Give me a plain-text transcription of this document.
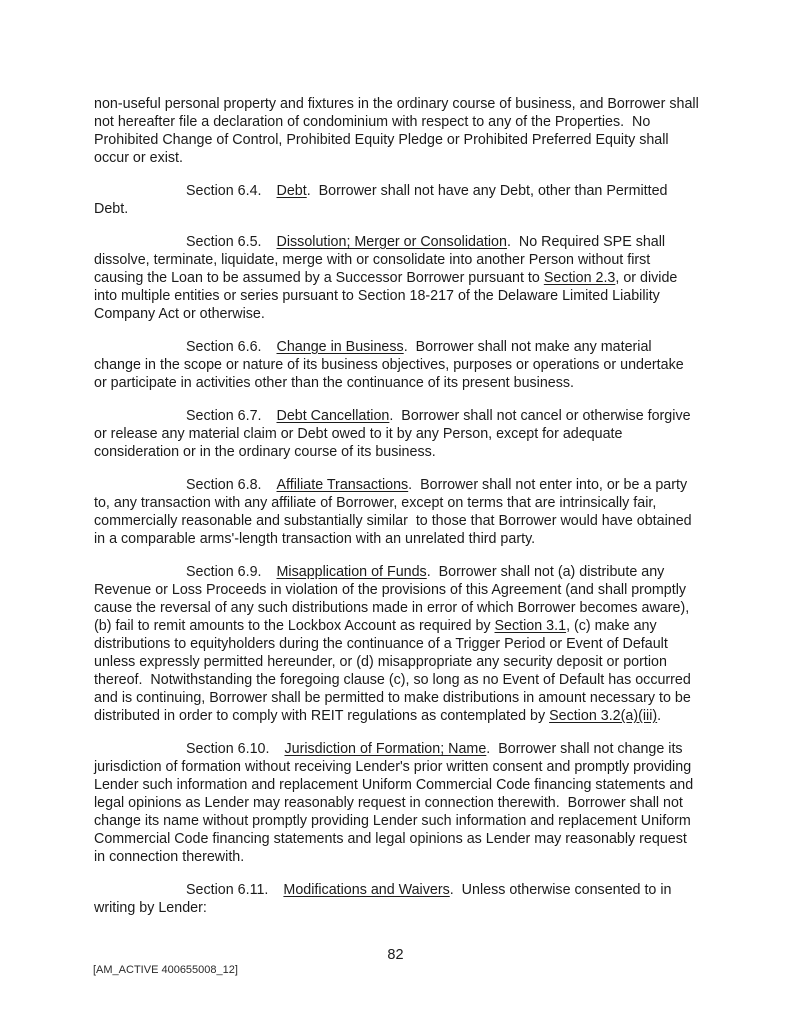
non-useful personal property and fixtures in the ordinary course of business, and Borrower shall not hereafter file a declaration of condominium with respect to any of the Properties.  No Prohibited Change of Control, Prohibited Equity Pledge or Prohibited Preferred Equity shall occur or exist.

Section 6.4. Debt.  Borrower shall not have any Debt, other than Permitted Debt.

Section 6.5. Dissolution; Merger or Consolidation.  No Required SPE shall dissolve, terminate, liquidate, merge with or consolidate into another Person without first causing the Loan to be assumed by a Successor Borrower pursuant to Section 2.3, or divide into multiple entities or series pursuant to Section 18-217 of the Delaware Limited Liability Company Act or otherwise.

Section 6.6. Change in Business.  Borrower shall not make any material change in the scope or nature of its business objectives, purposes or operations or undertake or participate in activities other than the continuance of its present business.

Section 6.7. Debt Cancellation.  Borrower shall not cancel or otherwise forgive or release any material claim or Debt owed to it by any Person, except for adequate consideration or in the ordinary course of its business.

Section 6.8. Affiliate Transactions.  Borrower shall not enter into, or be a party to, any transaction with any affiliate of Borrower, except on terms that are intrinsically fair, commercially reasonable and substantially similar  to those that Borrower would have obtained in a comparable arms'-length transaction with an unrelated third party.

Section 6.9. Misapplication of Funds.  Borrower shall not (a) distribute any Revenue or Loss Proceeds in violation of the provisions of this Agreement (and shall promptly cause the reversal of any such distributions made in error of which Borrower becomes aware), (b) fail to remit amounts to the Lockbox Account as required by Section 3.1, (c) make any distributions to equityholders during the continuance of a Trigger Period or Event of Default unless expressly permitted hereunder, or (d) misappropriate any security deposit or portion thereof.  Notwithstanding the foregoing clause (c), so long as no Event of Default has occurred and is continuing, Borrower shall be permitted to make distributions in amount necessary to be distributed in order to comply with REIT regulations as contemplated by Section 3.2(a)(iii).

Section 6.10. Jurisdiction of Formation; Name.  Borrower shall not change its jurisdiction of formation without receiving Lender's prior written consent and promptly providing Lender such information and replacement Uniform Commercial Code financing statements and legal opinions as Lender may reasonably request in connection therewith.  Borrower shall not change its name without promptly providing Lender such information and replacement Uniform Commercial Code financing statements and legal opinions as Lender may reasonably request in connection therewith.

Section 6.11. Modifications and Waivers.  Unless otherwise consented to in writing by Lender:

82
[AM_ACTIVE 400655008_12]
